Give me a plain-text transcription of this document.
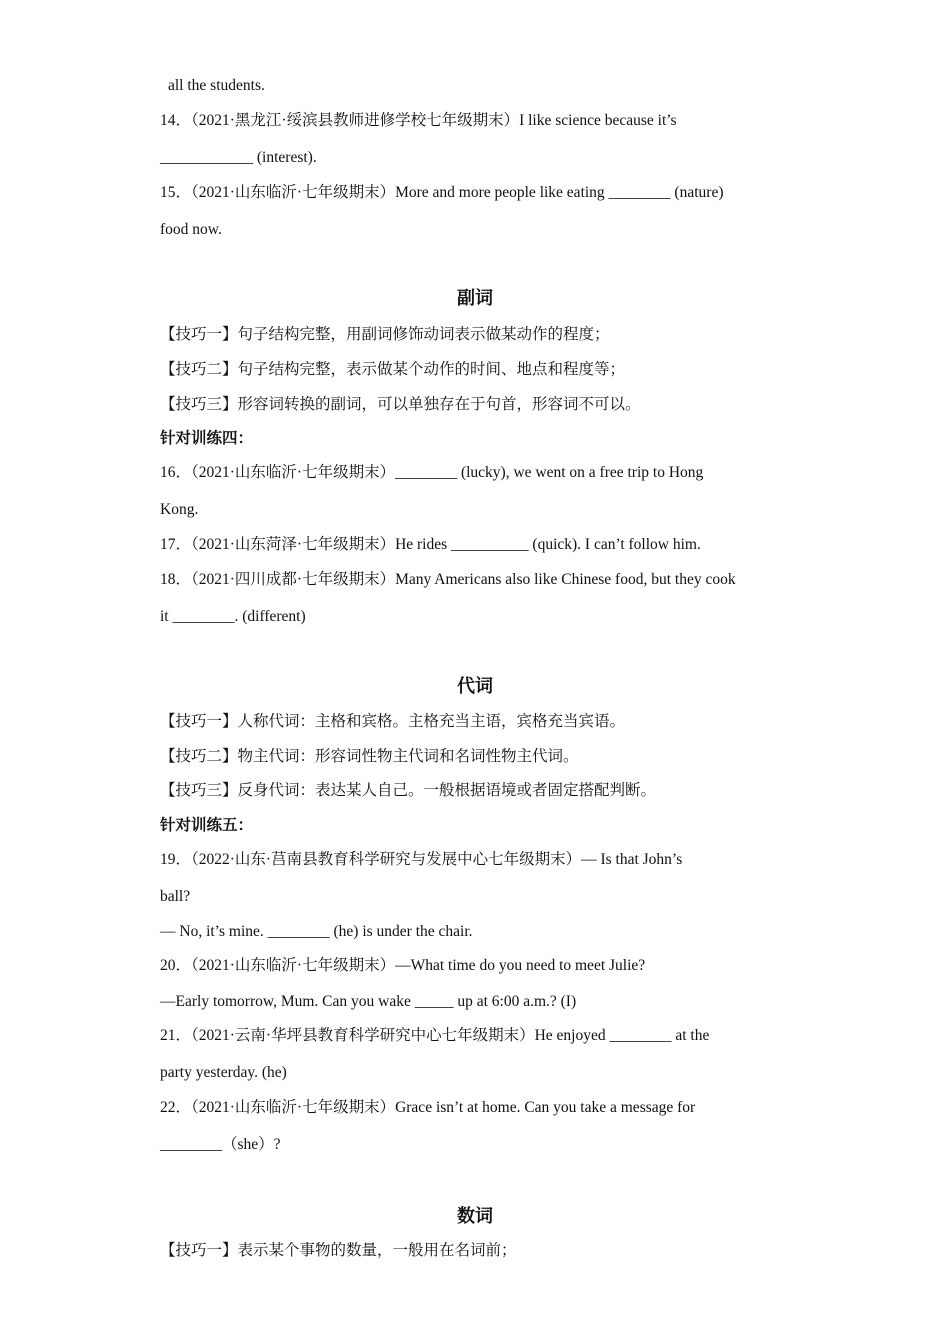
all the students.
14．（2021·黑龙江·绥滨县教师进修学校七年级期末）I like science because it’s
____________ (interest).
15．（2021·山东临沂·七年级期末）More and more people like eating ________ (nature)
food now.
副词
【技巧一】句子结构完整，用副词修饰动词表示做某动作的程度；
【技巧二】句子结构完整，表示做某个动作的时间、地点和程度等；
【技巧三】形容词转换的副词，可以单独存在于句首，形容词不可以。
针对训练四：
16．（2021·山东临沂·七年级期末）________ (lucky), we went on a free trip to Hong
Kong.
17．（2021·山东菏泽·七年级期末）He rides __________ (quick). I can’t follow him.
18．（2021·四川成都·七年级期末）Many Americans also like Chinese food, but they cook
it ________. (different)
代词
【技巧一】人称代词：主格和宾格。主格充当主语，宾格充当宾语。
【技巧二】物主代词：形容词性物主代词和名词性物主代词。
【技巧三】反身代词：表达某人自己。一般根据语境或者固定搭配判断。
针对训练五：
19．（2022·山东·莒南县教育科学研究与发展中心七年级期末）— Is that John’s
ball?
— No, it’s mine. ________ (he) is under the chair.
20．（2021·山东临沂·七年级期末）—What time do you need to meet Julie?
—Early tomorrow, Mum. Can you wake _____ up at 6:00 a.m.? (I)
21．（2021·云南·华坪县教育科学研究中心七年级期末）He enjoyed ________ at the
party yesterday. (he)
22．（2021·山东临沂·七年级期末）Grace isn’t at home. Can you take a message for
________（she）?
数词
【技巧一】表示某个事物的数量，一般用在名词前；
